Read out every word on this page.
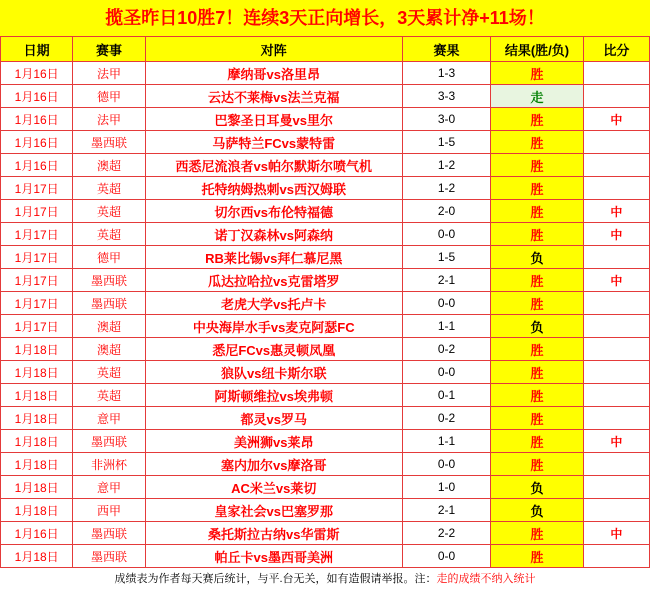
揽圣昨日10胜7！连续3天正向增长，3天累计净+11场！
日期	赛事	对阵	赛果	结果(胜/负)	比分
1月16日	法甲	摩纳哥vs洛里昂	1-3	胜	
1月16日	德甲	云达不莱梅vs法兰克福	3-3	走	
1月16日	法甲	巴黎圣日耳曼vs里尔	3-0	胜	中
1月16日	墨西联	马萨特兰FCvs蒙特雷	1-5	胜	
1月16日	澳超	西悉尼流浪者vs帕尔默斯尔喷气机	1-2	胜	
1月17日	英超	托特纳姆热刺vs西汉姆联	1-2	胜	
1月17日	英超	切尔西vs布伦特福德	2-0	胜	中
1月17日	英超	诺丁汉森林vs阿森纳	0-0	胜	中
1月17日	德甲	RB莱比锡vs拜仁慕尼黑	1-5	负	
1月17日	墨西联	瓜达拉哈拉vs克雷塔罗	2-1	胜	中
1月17日	墨西联	老虎大学vs托卢卡	0-0	胜	
1月17日	澳超	中央海岸水手vs麦克阿瑟FC	1-1	负	
1月18日	澳超	悉尼FCvs惠灵顿凤凰	0-2	胜	
1月18日	英超	狼队vs纽卡斯尔联	0-0	胜	
1月18日	英超	阿斯顿维拉vs埃弗顿	0-1	胜	
1月18日	意甲	都灵vs罗马	0-2	胜	
1月18日	墨西联	美洲狮vs莱昂	1-1	胜	中
1月18日	非洲杯	塞内加尔vs摩洛哥	0-0	胜	
1月18日	意甲	AC米兰vs莱切	1-0	负	
1月18日	西甲	皇家社会vs巴塞罗那	2-1	负	
1月16日	墨西联	桑托斯拉古纳vs华雷斯	2-2	胜	中
1月18日	墨西联	帕丘卡vs墨西哥美洲	0-0	胜	
成绩表为作者每天赛后统计，与平.台无关，如有造假请举报。注：走的成绩不纳入统计
